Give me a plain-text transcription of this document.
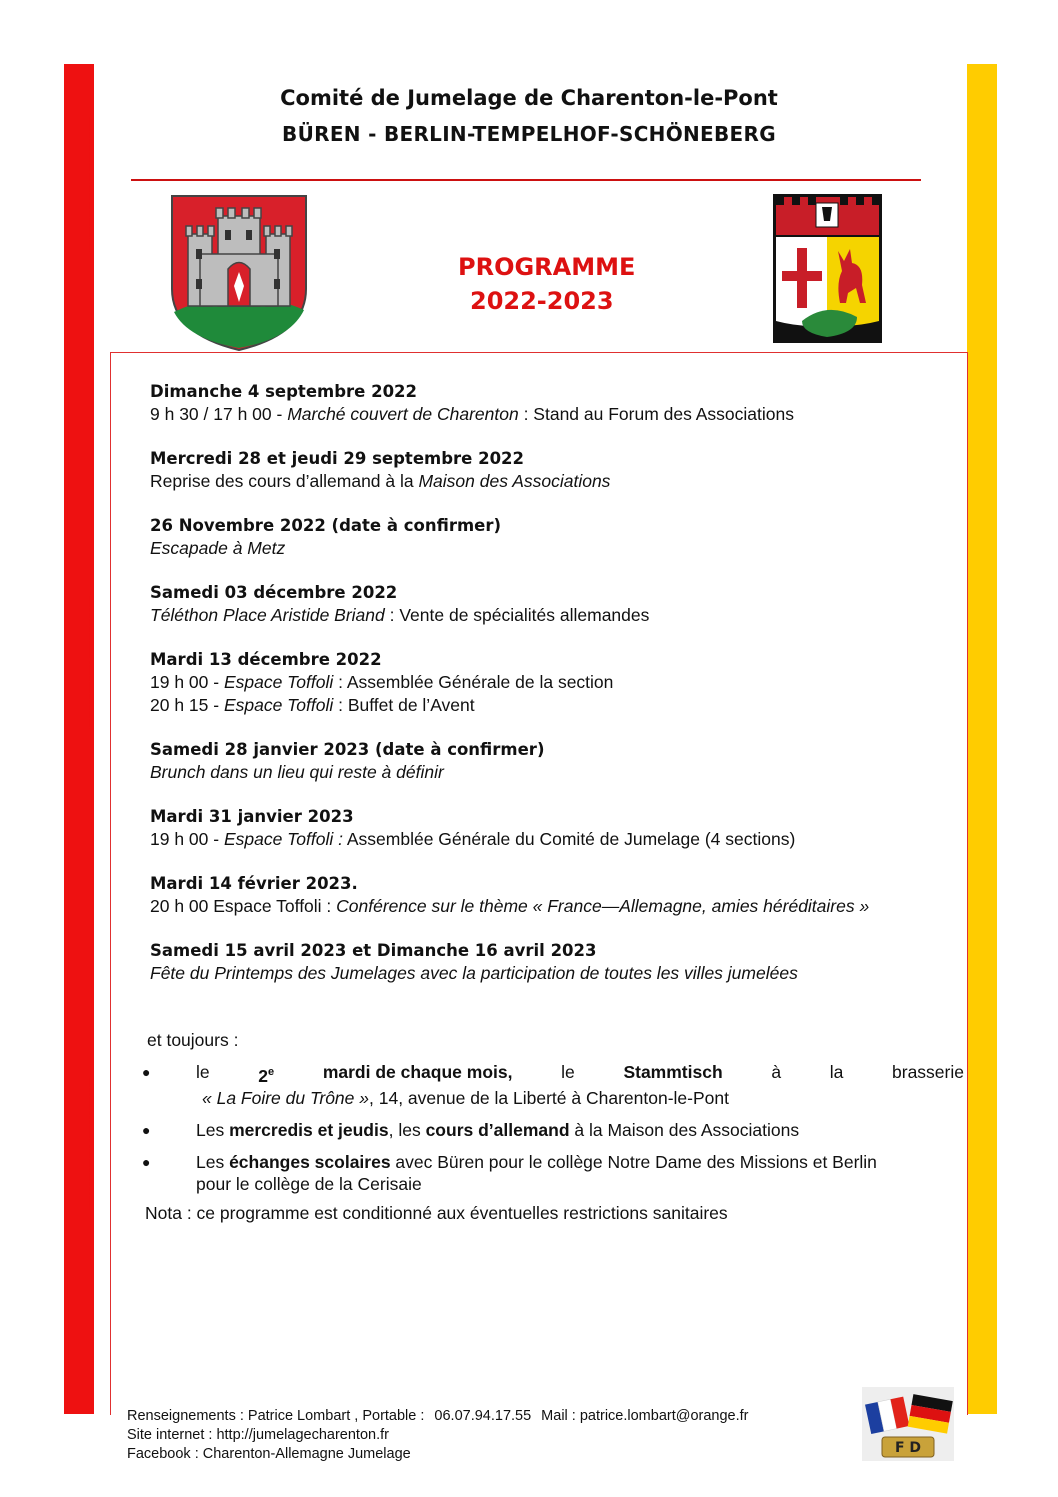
Comité de Jumelage de Charenton-le-Pont
BÜREN - BERLIN-TEMPELHOF-SCHÖNEBERG
PROGRAMME
2022-2023
Dimanche 4 septembre 2022
9 h 30 / 17 h 00 - Marché couvert de Charenton : Stand au Forum des Associations
Mercredi 28 et jeudi 29 septembre 2022
Reprise des cours d’allemand à la Maison des Associations
26 Novembre 2022 (date à confirmer)
Escapade à Metz
Samedi 03 décembre 2022
Téléthon Place Aristide Briand : Vente de spécialités allemandes
Mardi 13 décembre 2022
19 h 00 - Espace Toffoli : Assemblée Générale de la section
20 h 15 - Espace Toffoli : Buffet de l’Avent
Samedi 28 janvier 2023 (date à confirmer)
Brunch dans un lieu qui reste à définir
Mardi 31 janvier 2023
19 h 00 - Espace Toffoli : Assemblée Générale du Comité de Jumelage (4 sections)
Mardi 14 février 2023.
20 h 00 Espace Toffoli : Conférence sur le thème « France—Allemagne, amies héréditaires »
Samedi 15 avril 2023 et Dimanche 16 avril 2023
Fête du Printemps des Jumelages avec la participation de toutes les villes jumelées
et toujours :
●	le	2e	mardi de chaque mois,	le	Stammtisch	à	la	brasserie
« La Foire du Trône », 14, avenue de la Liberté à Charenton-le-Pont
●	Les mercredis et jeudis, les cours d’allemand à la Maison des Associations
●	Les échanges scolaires avec Büren pour le collège Notre Dame des Missions et Berlin
pour le collège de la Cerisaie
Nota : ce programme est conditionné aux éventuelles restrictions sanitaires
Renseignements : Patrice Lombart , Portable : 06.07.94.17.55 Mail : patrice.lombart@orange.fr
Site internet : http://jumelagecharenton.fr
Facebook : Charenton-Allemagne Jumelage	F D
